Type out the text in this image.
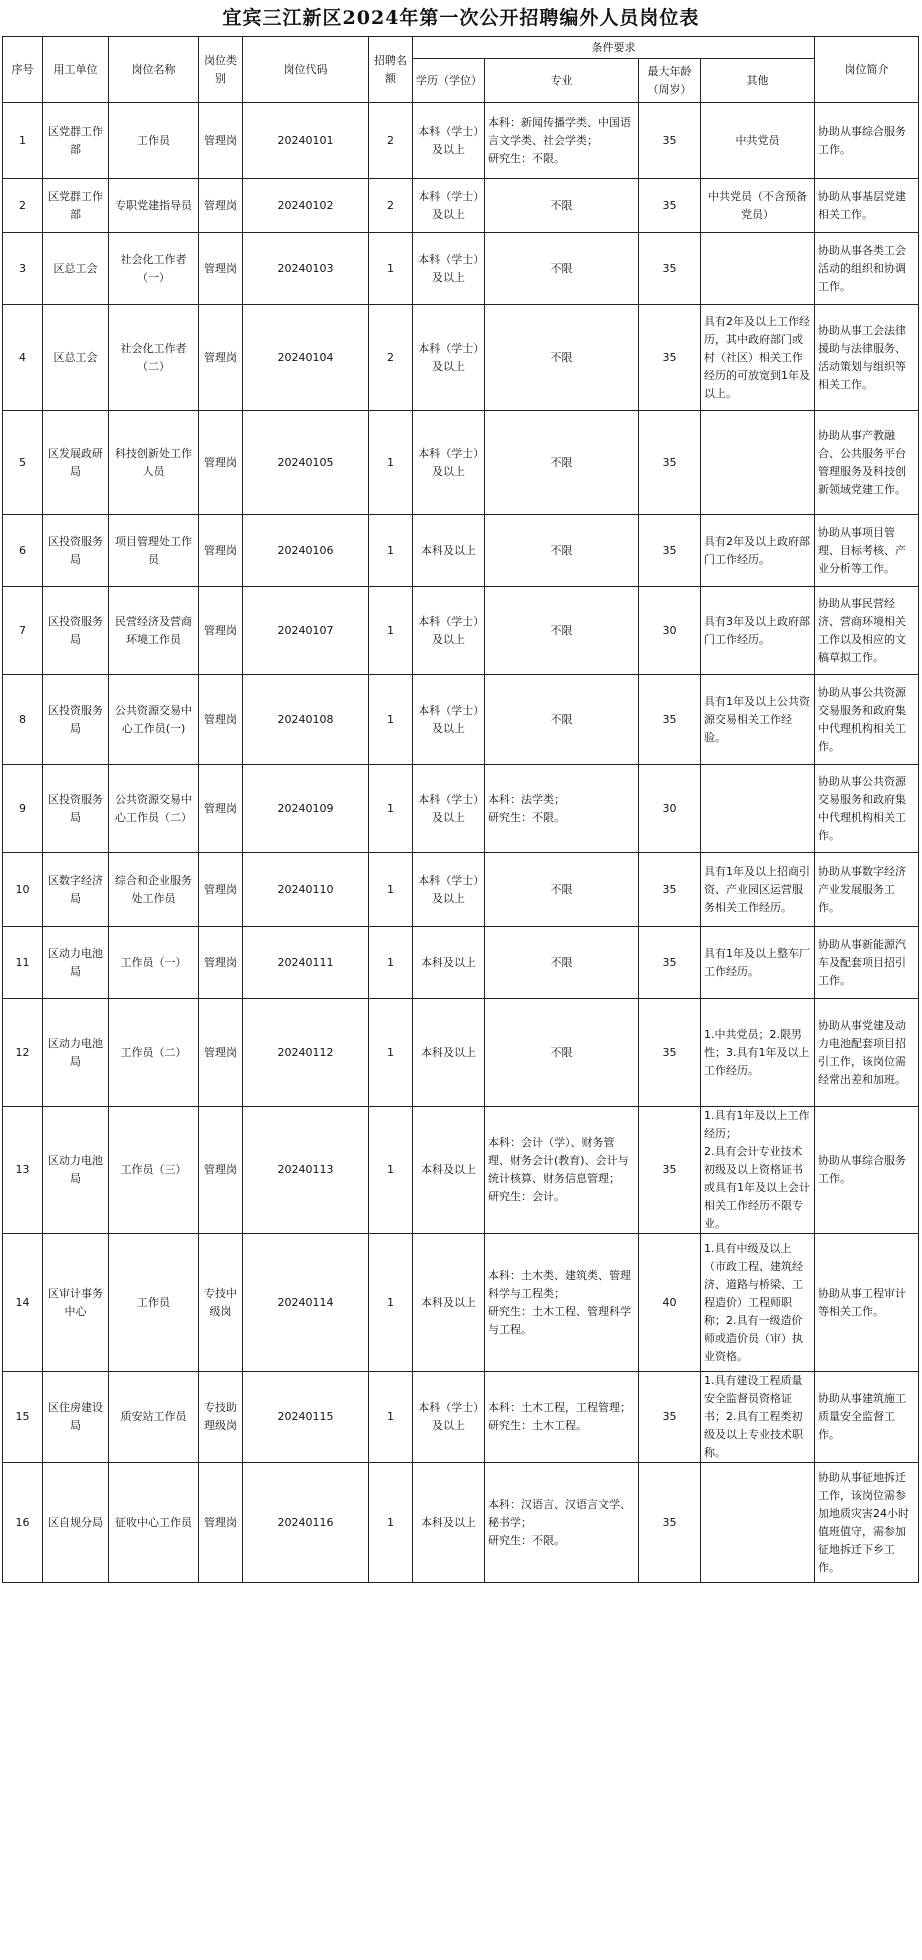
宜宾三江新区2024年第一次公开招聘编外人员岗位表
序号	用工单位	岗位名称	岗位类别	岗位代码	招聘名额	条件要求				岗位简介
						学历（学位）	专业	最大年龄（周岁）	其他	
1	区党群工作部	工作员	管理岗	20240101	2	本科（学士）及以上	本科：新闻传播学类、中国语言文学类、社会学类；
研究生：不限。	35	中共党员	协助从事综合服务工作。
2	区党群工作部	专职党建指导员	管理岗	20240102	2	本科（学士）及以上	不限	35	中共党员（不含预备党员）	协助从事基层党建相关工作。
3	区总工会	社会化工作者（一）	管理岗	20240103	1	本科（学士）及以上	不限	35		协助从事各类工会活动的组织和协调工作。
4	区总工会	社会化工作者（二）	管理岗	20240104	2	本科（学士）及以上	不限	35	具有2年及以上工作经历，其中政府部门或村（社区）相关工作经历的可放宽到1年及以上。	协助从事工会法律援助与法律服务、活动策划与组织等相关工作。
5	区发展政研局	科技创新处工作人员	管理岗	20240105	1	本科（学士）及以上	不限	35		协助从事产教融合、公共服务平台管理服务及科技创新领域党建工作。
6	区投资服务局	项目管理处工作员	管理岗	20240106	1	本科及以上	不限	35	具有2年及以上政府部门工作经历。	协助从事项目管理、目标考核、产业分析等工作。
7	区投资服务局	民营经济及营商环境工作员	管理岗	20240107	1	本科（学士）及以上	不限	30	具有3年及以上政府部门工作经历。	协助从事民营经济、营商环境相关工作以及相应的文稿草拟工作。
8	区投资服务局	公共资源交易中心工作员(一)	管理岗	20240108	1	本科（学士）及以上	不限	35	具有1年及以上公共资源交易相关工作经验。	协助从事公共资源交易服务和政府集中代理机构相关工作。
9	区投资服务局	公共资源交易中心工作员（二）	管理岗	20240109	1	本科（学士）及以上	本科：法学类；
研究生：不限。	30		协助从事公共资源交易服务和政府集中代理机构相关工作。
10	区数字经济局	综合和企业服务处工作员	管理岗	20240110	1	本科（学士）及以上	不限	35	具有1年及以上招商引资、产业园区运营服务相关工作经历。	协助从事数字经济产业发展服务工作。
11	区动力电池局	工作员（一）	管理岗	20240111	1	本科及以上	不限	35	具有1年及以上整车厂工作经历。	协助从事新能源汽车及配套项目招引工作。
12	区动力电池局	工作员（二）	管理岗	20240112	1	本科及以上	不限	35	1.中共党员；2.限男性；3.具有1年及以上工作经历。	协助从事党建及动力电池配套项目招引工作，该岗位需经常出差和加班。
13	区动力电池局	工作员（三）	管理岗	20240113	1	本科及以上	本科：会计（学）、财务管理、财务会计(教育)、会计与统计核算、财务信息管理；
研究生：会计。	35	1.具有1年及以上工作经历；
2.具有会计专业技术初级及以上资格证书或具有1年及以上会计相关工作经历不限专业。	协助从事综合服务工作。
14	区审计事务中心	工作员	专技中级岗	20240114	1	本科及以上	本科：土木类、建筑类、管理科学与工程类；
研究生：土木工程、管理科学与工程。	40	1.具有中级及以上（市政工程、建筑经济、道路与桥梁、工程造价）工程师职称；2.具有一级造价师或造价员（审）执业资格。	协助从事工程审计等相关工作。
15	区住房建设局	质安站工作员	专技助理级岗	20240115	1	本科（学士）及以上	本科：土木工程，工程管理；
研究生：土木工程。	35	1.具有建设工程质量安全监督员资格证书；2.具有工程类初级及以上专业技术职称。	协助从事建筑施工质量安全监督工作。
16	区自规分局	征收中心工作员	管理岗	20240116	1	本科及以上	本科：汉语言、汉语言文学、秘书学；
研究生：不限。	35		协助从事征地拆迁工作，该岗位需参加地质灾害24小时值班值守，需参加征地拆迁下乡工作。
